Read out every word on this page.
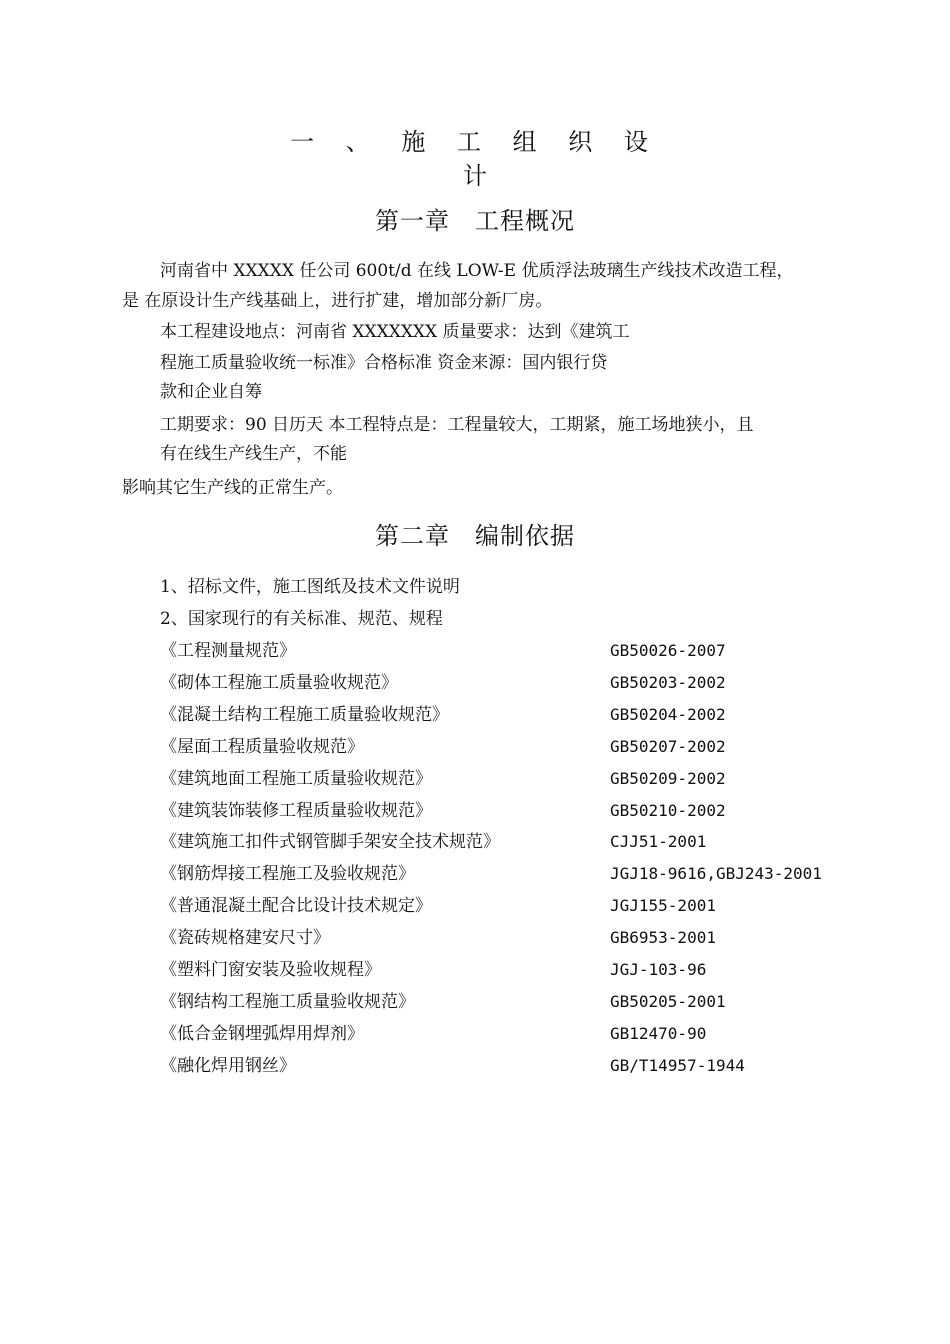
一 、 施 工 组 织 设
计
第一章　工程概况
河南省中 XXXXX 任公司 600t/d 在线 LOW-E 优质浮法玻璃生产线技术改造工程，
是 在原设计生产线基础上，进行扩建，增加部分新厂房。
本工程建设地点：河南省 XXXXXXX 质量要求：达到《建筑工
程施工质量验收统一标准》合格标准 资金来源：国内银行贷
款和企业自筹
工期要求：90 日历天 本工程特点是：工程量较大，工期紧，施工场地狭小，且
有在线生产线生产，不能
影响其它生产线的正常生产。
第二章　编制依据
1、招标文件，施工图纸及技术文件说明
2、国家现行的有关标准、规范、规程
《工程测量规范》	GB50026-2007
《砌体工程施工质量验收规范》	GB50203-2002
《混凝土结构工程施工质量验收规范》	GB50204-2002
《屋面工程质量验收规范》	GB50207-2002
《建筑地面工程施工质量验收规范》	GB50209-2002
《建筑装饰装修工程质量验收规范》	GB50210-2002
《建筑施工扣件式钢管脚手架安全技术规范》	CJJ51-2001
《钢筋焊接工程施工及验收规范》	JGJ18-9616,GBJ243-2001
《普通混凝土配合比设计技术规定》	JGJ155-2001
《瓷砖规格建安尺寸》	GB6953-2001
《塑料门窗安装及验收规程》	JGJ-103-96
《钢结构工程施工质量验收规范》	GB50205-2001
《低合金钢埋弧焊用焊剂》	GB12470-90
《融化焊用钢丝》	GB/T14957-1944
